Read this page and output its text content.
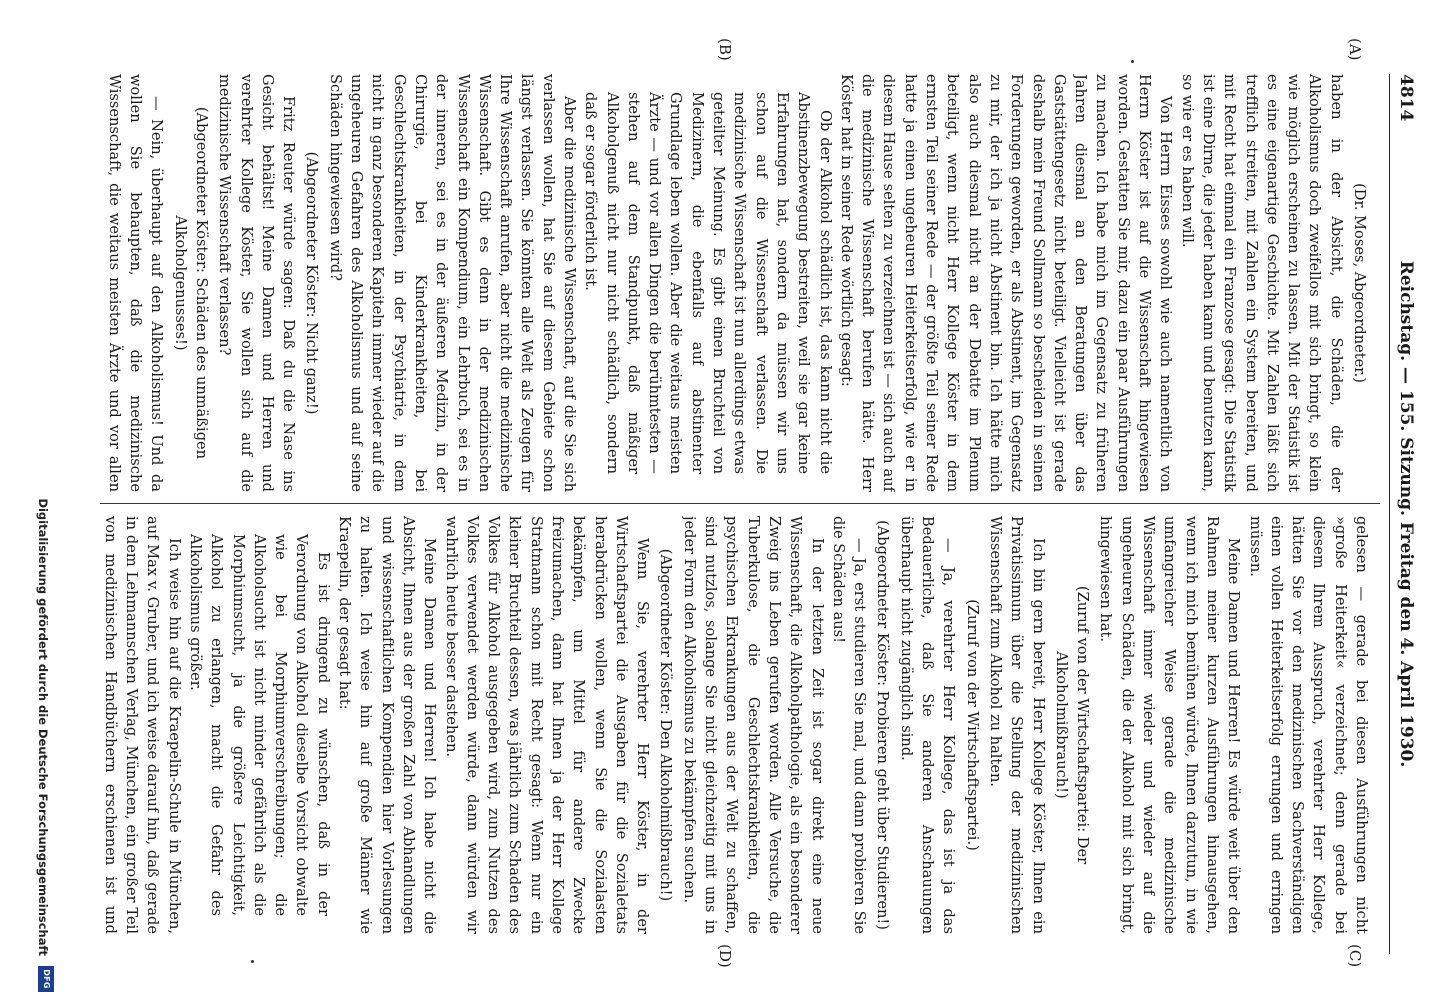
4814
Reichstag. — 155. Sitzung. Freitag den 4. April 1930.
(A)
(B)
(C)
(D)

(Dr. Moses, Abgeordneter.)

haben in der Absicht, die Schäden, die der Alkoholismus doch zweifellos mit sich bringt, so klein wie möglich erscheinen zu lassen. Mit der Statistik ist es eine eigenartige Geschichte. Mit Zahlen läßt sich trefflich streiten, mit Zahlen ein System bereiten, und mit Recht hat einmal ein Franzose gesagt: Die Statistik ist eine Dirne, die jeder haben kann und benutzen kann, so wie er es haben will.

Von Herrn Eisses sowohl wie auch namentlich von Herrn Köster ist auf die Wissenschaft hingewiesen worden. Gestatten Sie mir, dazu ein paar Ausführungen zu machen. Ich habe mich im Gegensatz zu früheren Jahren diesmal an den Beratungen über das Gaststättengesetz nicht beteiligt. Vielleicht ist gerade deshalb mein Freund Sollmann so bescheiden in seinen Forderungen geworden, er als Abstinent, im Gegensatz zu mir, der ich ja nicht Abstinent bin. Ich hätte mich also auch diesmal nicht an der Debatte im Plenum beteiligt, wenn nicht Herr Kollege Köster in dem ernsten Teil seiner Rede — der größte Teil seiner Rede hatte ja einen ungeheuren Heiterkeitserfolg, wie er in diesem Hause selten zu verzeichnen ist — sich auch auf die medizinische Wissenschaft berufen hätte. Herr Köster hat in seiner Rede wörtlich gesagt:

Ob der Alkohol schädlich ist, das kann nicht die Abstinenzbewegung bestreiten, weil sie gar keine Erfahrungen hat, sondern da müssen wir uns schon auf die Wissenschaft verlassen. Die medizinische Wissenschaft ist nun allerdings etwas geteilter Meinung. Es gibt einen Bruchteil von Medizinern, die ebenfalls auf abstinenter Grundlage leben wollen. Aber die weitaus meisten Ärzte — und vor allen Dingen die berühmtesten — stehen auf dem Standpunkt, daß mäßiger Alkoholgenuß nicht nur nicht schädlich, sondern daß er sogar förderlich ist.

Aber die medizinische Wissenschaft, auf die Sie sich verlassen wollen, hat Sie auf diesem Gebiete schon längst verlassen. Sie könnten alle Welt als Zeugen für Ihre Wissenschaft anrufen, aber nicht die medizinische Wissenschaft. Gibt es denn in der medizinischen Wissenschaft ein Kompendium, ein Lehrbuch, sei es in der inneren, sei es in der äußeren Medizin, in der Chirurgie, bei Kinderkrankheiten, bei Geschlechtskrankheiten, in der Psychiatrie, in dem nicht in ganz besonderen Kapiteln immer wieder auf die ungeheuren Gefahren des Alkoholismus und auf seine Schäden hingewiesen wird?

(Abgeordneter Köster: Nicht ganz!)

Fritz Reuter würde sagen: Daß du die Nase ins Gesicht behältst! Meine Damen und Herren und verehrter Kollege Köster, Sie wollen sich auf die medizinische Wissenschaft verlassen?

(Abgeordneter Köster: Schäden des unmäßigen Alkoholgenusses!)

— Nein, überhaupt auf den Alkoholismus! Und da wollen Sie behaupten, daß die medizinische Wissenschaft, die weitaus meisten Ärzte und vor allen

gelesen — gerade bei diesen Ausführungen nicht »große Heiterkeit« verzeichnet; denn gerade bei diesem Ihrem Ausspruch, verehrter Herr Kollege, hätten Sie vor den medizinischen Sachverständigen einen vollen Heiterkeitserfolg errungen und erringen müssen.

Meine Damen und Herren! Es würde weit über den Rahmen meiner kurzen Ausführungen hinausgehen, wenn ich mich bemühen würde, Ihnen darzutun, in wie umfangreicher Weise gerade die medizinische Wissenschaft immer wieder und wieder auf die ungeheuren Schäden, die der Alkohol mit sich bringt, hingewiesen hat.

(Zuruf von der Wirtschaftspartei: Der Alkoholmißbrauch!)

Ich bin gern bereit, Herr Kollege Köster, Ihnen ein Privatissimum über die Stellung der medizinischen Wissenschaft zum Alkohol zu halten.

(Zuruf von der Wirtschaftspartei.)

— Ja, verehrter Herr Kollege, das ist ja das Bedauerliche, daß Sie anderen Anschauungen überhaupt nicht zugänglich sind.

(Abgeordneter Köster: Probieren geht über Studieren!)

— Ja, erst studieren Sie mal, und dann probieren Sie die Schäden aus!

In der letzten Zeit ist sogar direkt eine neue Wissenschaft, die Alkoholpathologie, als ein besonderer Zweig ins Leben gerufen worden. Alle Versuche, die Tuberkulose, die Geschlechtskrankheiten, die psychischen Erkrankungen aus der Welt zu schaffen, sind nutzlos, solange Sie nicht gleichzeitig mit uns in jeder Form den Alkoholismus zu bekämpfen suchen.

(Abgeordneter Köster: Den Alkoholmißbrauch!)

Wenn Sie, verehrter Herr Köster, in der Wirtschaftspartei die Ausgaben für die Sozialetats herabdrücken wollen, wenn Sie die Sozialasten bekämpfen, um Mittel für andere Zwecke freizumachen, dann hat Ihnen ja der Herr Kollege Stratmann schon mit Recht gesagt: Wenn nur ein kleiner Bruchteil dessen, was jährlich zum Schaden des Volkes für Alkohol ausgegeben wird, zum Nutzen des Volkes verwendet werden würde, dann würden wir wahrlich heute besser dastehen.

Meine Damen und Herren! Ich habe nicht die Absicht, Ihnen aus der großen Zahl von Abhandlungen und wissenschaftlichen Kompendien hier Vorlesungen zu halten. Ich weise hin auf große Männer wie Kraepelin, der gesagt hat:

Es ist dringend zu wünschen, daß in der Verordnung von Alkohol dieselbe Vorsicht obwalte wie bei Morphiumverschreibungen; die Alkoholsucht ist nicht minder gefährlich als die Morphiumsucht, ja die größere Leichtigkeit, Alkohol zu erlangen, macht die Gefahr des Alkoholismus größer.

Ich weise hin auf die Kraepelin-Schule in München, auf Max v. Gruber, und ich weise darauf hin, daß gerade in dem Lehmannschen Verlag, München, ein großer Teil von medizinischen Handbüchern erschienen ist und

Digitalisierung gefördert durch die Deutsche Forschungsgemeinschaft
DFG
